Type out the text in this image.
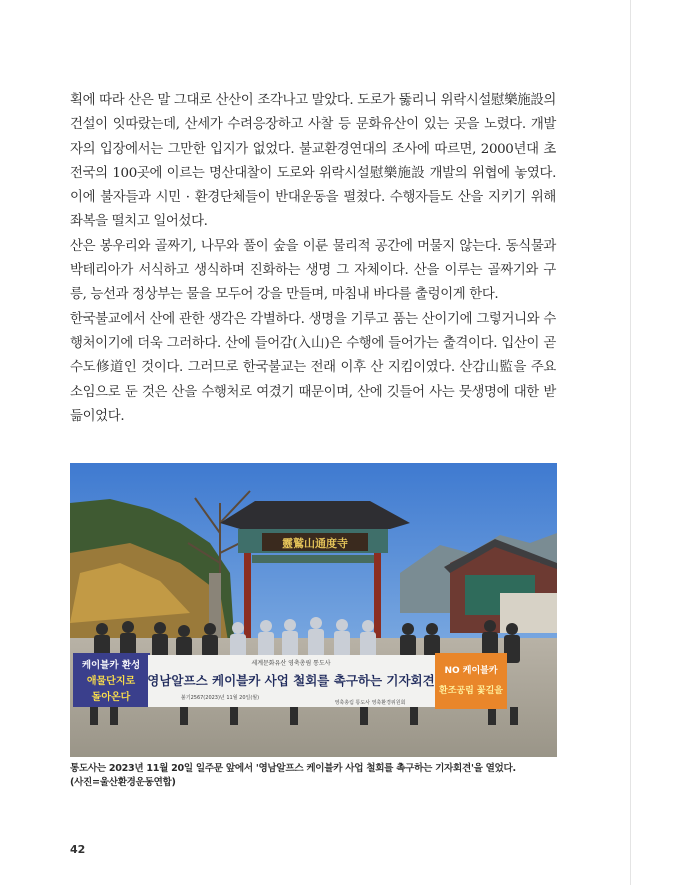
획에 따라 산은 말 그대로 산산이 조각나고 말았다. 도로가 뚫리니 위락시설慰樂施設의 건설이 잇따랐는데, 산세가 수려응장하고 사찰 등 문화유산이 있는 곳을 노렸다. 개발자의 입장에서는 그만한 입지가 없었다. 불교환경연대의 조사에 따르면, 2000년대 초 전국의 100곳에 이르는 명산대찰이 도로와 위락시설慰樂施設 개발의 위협에 놓였다. 이에 불자들과 시민 · 환경단체들이 반대운동을 펼쳤다. 수행자들도 산을 지키기 위해 좌복을 떨치고 일어섰다.

산은 봉우리와 골짜기, 나무와 풀이 숲을 이룬 물리적 공간에 머물지 않는다. 동식물과 박테리아가 서식하고 생식하며 진화하는 생명 그 자체이다. 산을 이루는 골짜기와 구릉, 능선과 정상부는 물을 모두어 강을 만들며, 마침내 바다를 출렁이게 한다.

한국불교에서 산에 관한 생각은 각별하다. 생명을 기루고 품는 산이기에 그렇거니와 수행처이기에 더욱 그러하다. 산에 들어감(入山)은 수행에 들어가는 출격이다. 입산이 곧 수도修道인 것이다. 그러므로 한국불교는 전래 이후 산 지킴이였다. 산감山監을 주요 소임으로 둔 것은 산을 수행처로 여겼기 때문이며, 산에 깃들어 사는 뭇생명에 대한 받듦이었다.

靈鷲山通度寺
케이블카 환성
애물단지로
돌아온다
세계문화유산 영축총림 통도사
영남알프스 케이블카 사업 철회를 촉구하는 기자회견
불기2567(2023)년 11월 20일(월)
영축총림 통도사 영축환경위원회
NO 케이블카
환조공림 꽃길을

통도사는 2023년 11월 20일 일주문 앞에서 '영남알프스 케이블카 사업 철회를 촉구하는 기자회견'을 열었다.

(사진=울산환경운동연합)

42
